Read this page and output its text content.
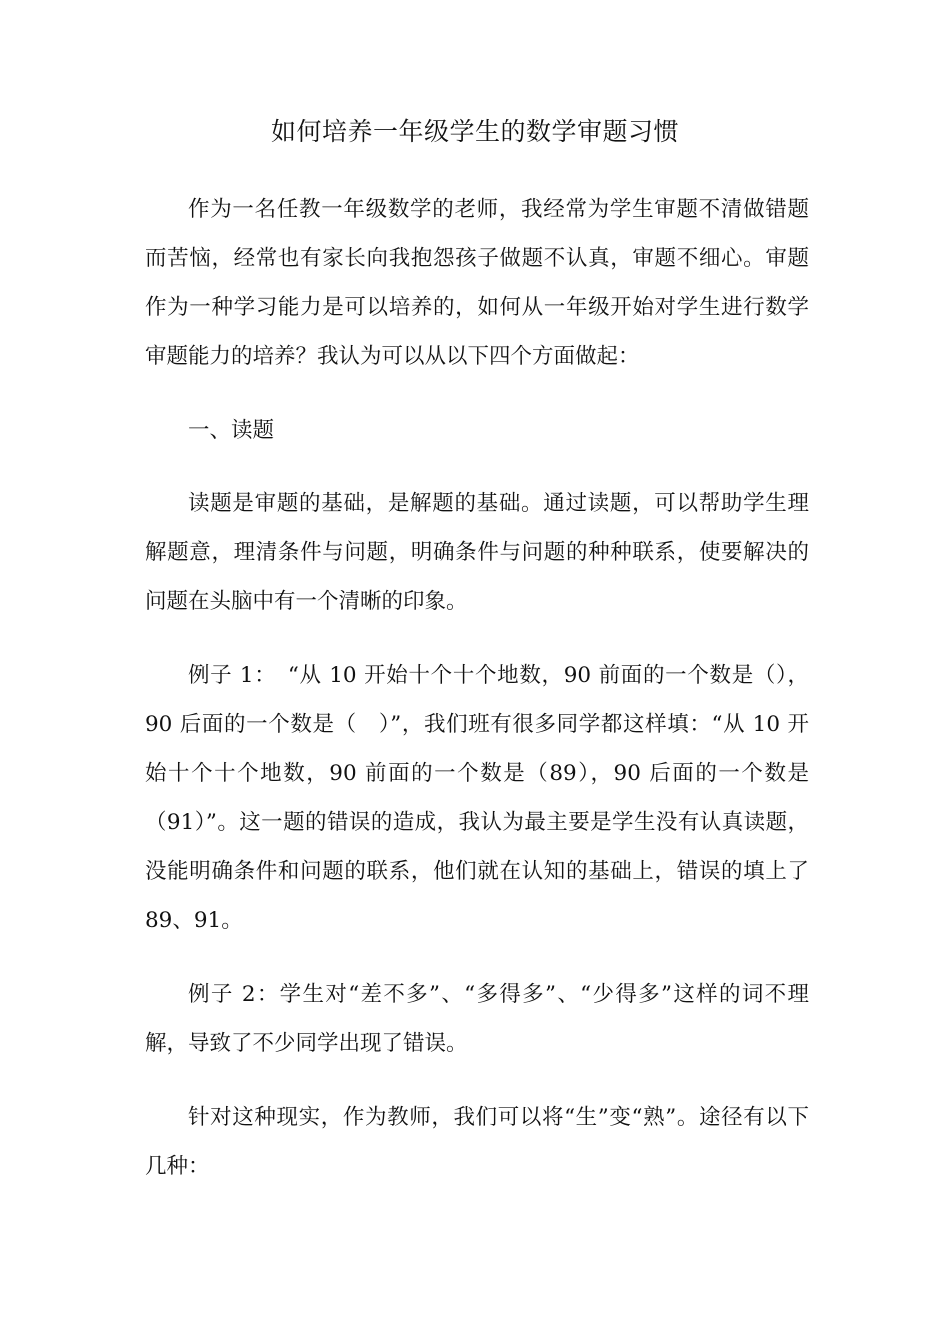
如何培养一年级学生的数学审题习惯

作为一名任教一年级数学的老师，我经常为学生审题不清做错题而苦恼，经常也有家长向我抱怨孩子做题不认真，审题不细心。审题作为一种学习能力是可以培养的，如何从一年级开始对学生进行数学审题能力的培养？我认为可以从以下四个方面做起：

一、读题

读题是审题的基础，是解题的基础。通过读题，可以帮助学生理解题意，理清条件与问题，明确条件与问题的种种联系，使要解决的问题在头脑中有一个清晰的印象。

例子 1：　“从 10 开始十个十个地数，90 前面的一个数是（），90 后面的一个数是（　）”，我们班有很多同学都这样填：“从 10 开始十个十个地数，90 前面的一个数是（89），90 后面的一个数是（91）”。这一题的错误的造成，我认为最主要是学生没有认真读题，没能明确条件和问题的联系，他们就在认知的基础上，错误的填上了 89、91。

例子 2：学生对“差不多”、“多得多”、“少得多”这样的词不理解，导致了不少同学出现了错误。

针对这种现实，作为教师，我们可以将“生”变“熟”。途径有以下几种：
